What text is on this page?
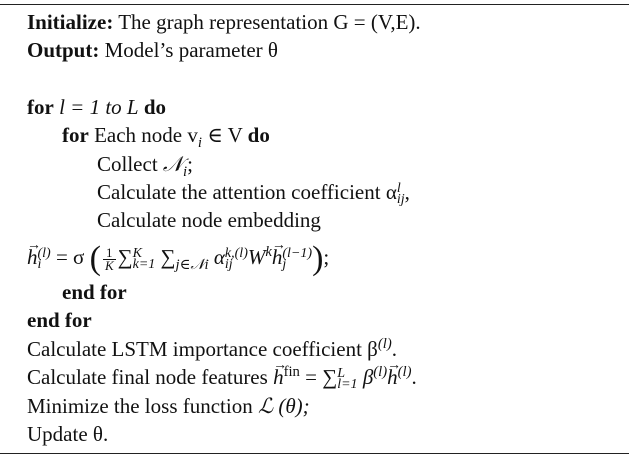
Initialize: The graph representation G = (V,E).
Output: Model’s parameter θ
for l = 1 to L do
for Each node $v_i$ ∈ V do
Collect 𝒩$_i$;
Calculate the attention coefficient α l
ij ,
Calculate node embedding
→ h (l)
i = σ ( $\frac{1}{K}$ ∑ K
k=1 $\sum_{j\in 𝒩i}$ α k,(l)
ij $W^k\to h$ (l−1)
j );
end for
end for
Calculate LSTM importance coefficient $\beta^{(l)}$.
Calculate final node features → $h^{fin}$ = ∑ L
l=1 $\beta^{(l)}\to h^{(l)}$.
Minimize the loss function ℒ (θ);
Update θ.
